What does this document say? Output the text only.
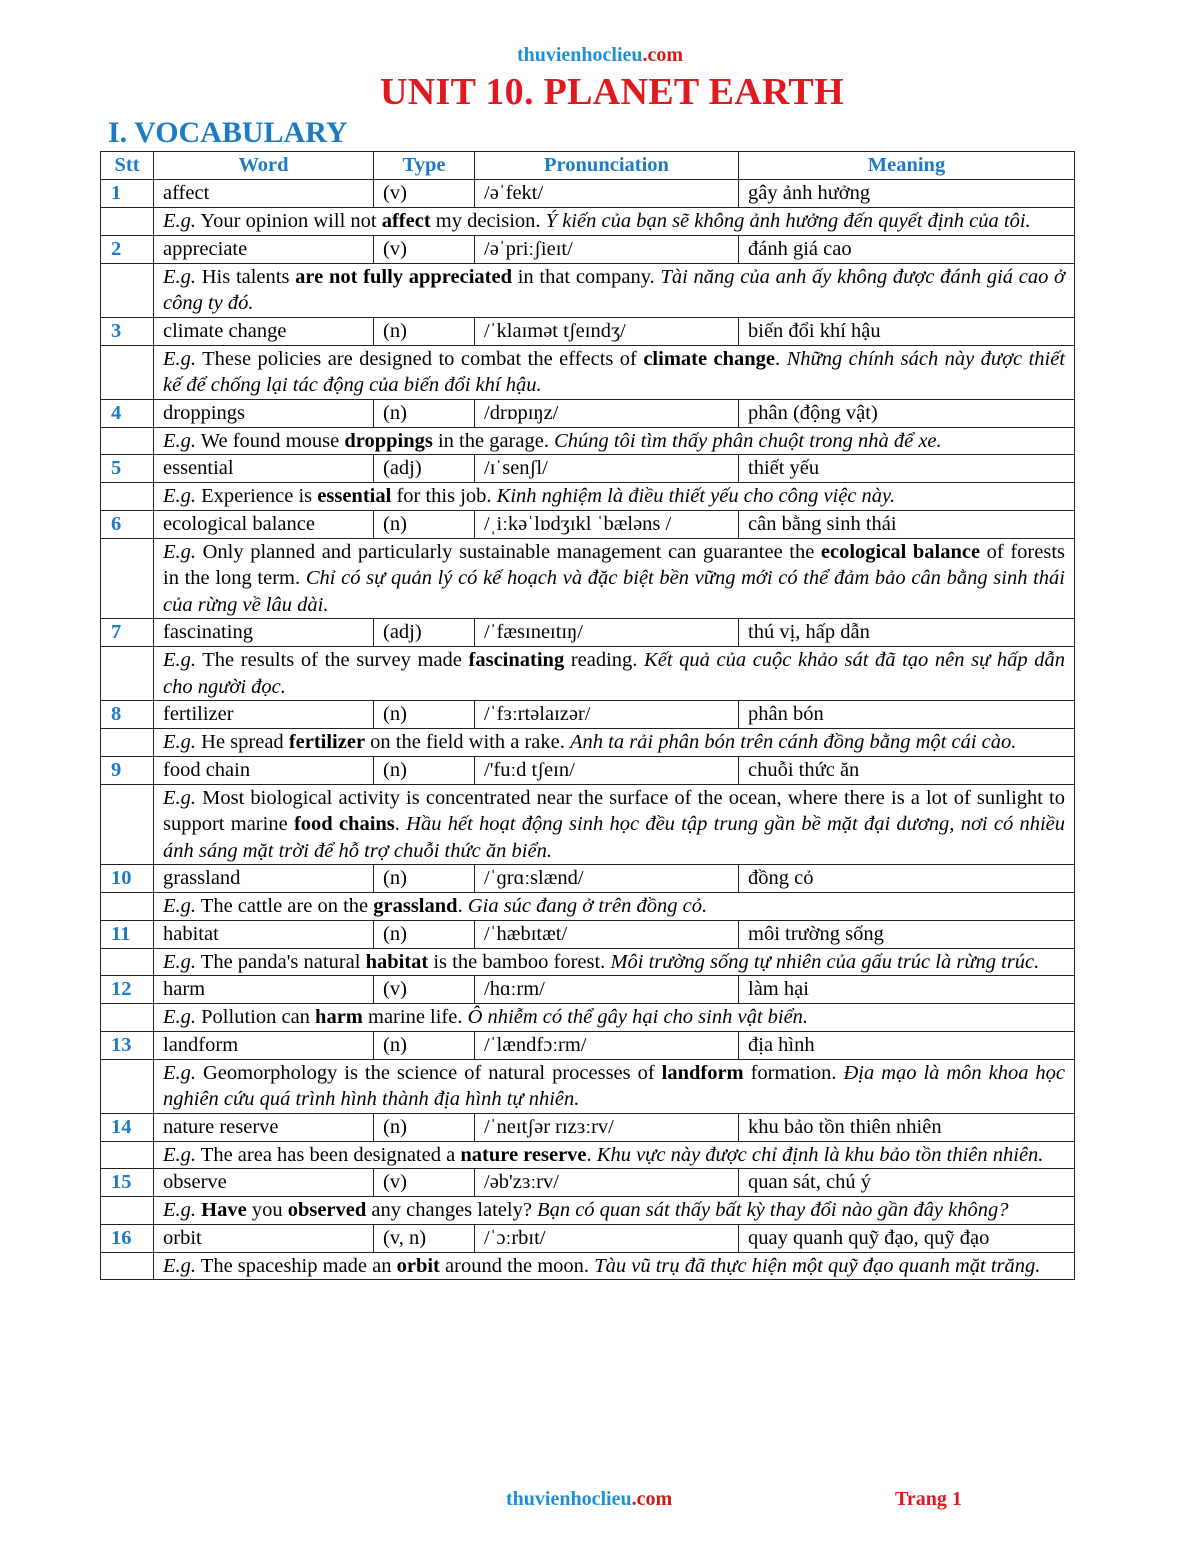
thuvienhoclieu.com
UNIT 10. PLANET EARTH
I. VOCABULARY
Stt	Word	Type	Pronunciation	Meaning
1	affect	(v)	/əˈfekt/	gây ảnh hưởng
	E.g. Your opinion will not affect my decision. Ý kiến của bạn sẽ không ảnh hưởng đến quyết định của tôi.			
2	appreciate	(v)	/əˈpriːʃieɪt/	đánh giá cao
	E.g. His talents are not fully appreciated in that company. Tài năng của anh ấy không được đánh giá cao ở công ty đó.			
3	climate change	(n)	/ˈklaɪmət tʃeɪndʒ/	biến đổi khí hậu
	E.g. These policies are designed to combat the effects of climate change. Những chính sách này được thiết kế để chống lại tác động của biến đổi khí hậu.			
4	droppings	(n)	/drɒpɪŋz/	phân (động vật)
	E.g. We found mouse droppings in the garage. Chúng tôi tìm thấy phân chuột trong nhà để xe.			
5	essential	(adj)	/ɪˈsenʃl/	thiết yếu
	E.g. Experience is essential for this job. Kinh nghiệm là điều thiết yếu cho công việc này.			
6	ecological balance	(n)	/ˌiːkəˈlɒdʒɪkl ˈbæləns /	cân bằng sinh thái
	E.g. Only planned and particularly sustainable management can guarantee the ecological balance of forests in the long term. Chỉ có sự quản lý có kế hoạch và đặc biệt bền vững mới có thể đảm bảo cân bằng sinh thái của rừng về lâu dài.			
7	fascinating	(adj)	/ˈfæsɪneɪtɪŋ/	thú vị, hấp dẫn
	E.g. The results of the survey made fascinating reading. Kết quả của cuộc khảo sát đã tạo nên sự hấp dẫn cho người đọc.			
8	fertilizer	(n)	/ˈfɜːrtəlaɪzər/	phân bón
	E.g. He spread fertilizer on the field with a rake. Anh ta rải phân bón trên cánh đồng bằng một cái cào.			
9	food chain	(n)	/'fuːd tʃeɪn/	chuỗi thức ăn
	E.g. Most biological activity is concentrated near the surface of the ocean, where there is a lot of sunlight to support marine food chains. Hầu hết hoạt động sinh học đều tập trung gần bề mặt đại dương, nơi có nhiều ánh sáng mặt trời để hỗ trợ chuỗi thức ăn biển.			
10	grassland	(n)	/ˈɡrɑːslænd/	đồng cỏ
	E.g. The cattle are on the grassland. Gia súc đang ở trên đồng cỏ.			
11	habitat	(n)	/ˈhæbɪtæt/	môi trường sống
	E.g. The panda's natural habitat is the bamboo forest. Môi trường sống tự nhiên của gấu trúc là rừng trúc.			
12	harm	(v)	/hɑːrm/	làm hại
	E.g. Pollution can harm marine life. Ô nhiễm có thể gây hại cho sinh vật biển.			
13	landform	(n)	/ˈlændfɔːrm/	địa hình
	E.g. Geomorphology is the science of natural processes of landform formation. Địa mạo là môn khoa học nghiên cứu quá trình hình thành địa hình tự nhiên.			
14	nature reserve	(n)	/ˈneɪtʃər rɪzɜːrv/	khu bảo tồn thiên nhiên
	E.g. The area has been designated a nature reserve. Khu vực này được chỉ định là khu bảo tồn thiên nhiên.			
15	observe	(v)	/əb'zɜːrv/	quan sát, chú ý
	E.g. Have you observed any changes lately? Bạn có quan sát thấy bất kỳ thay đổi nào gần đây không?			
16	orbit	(v, n)	/ˈɔːrbɪt/	quay quanh quỹ đạo, quỹ đạo
	E.g. The spaceship made an orbit around the moon. Tàu vũ trụ đã thực hiện một quỹ đạo quanh mặt trăng.			
thuvienhoclieu.com	Trang 1
